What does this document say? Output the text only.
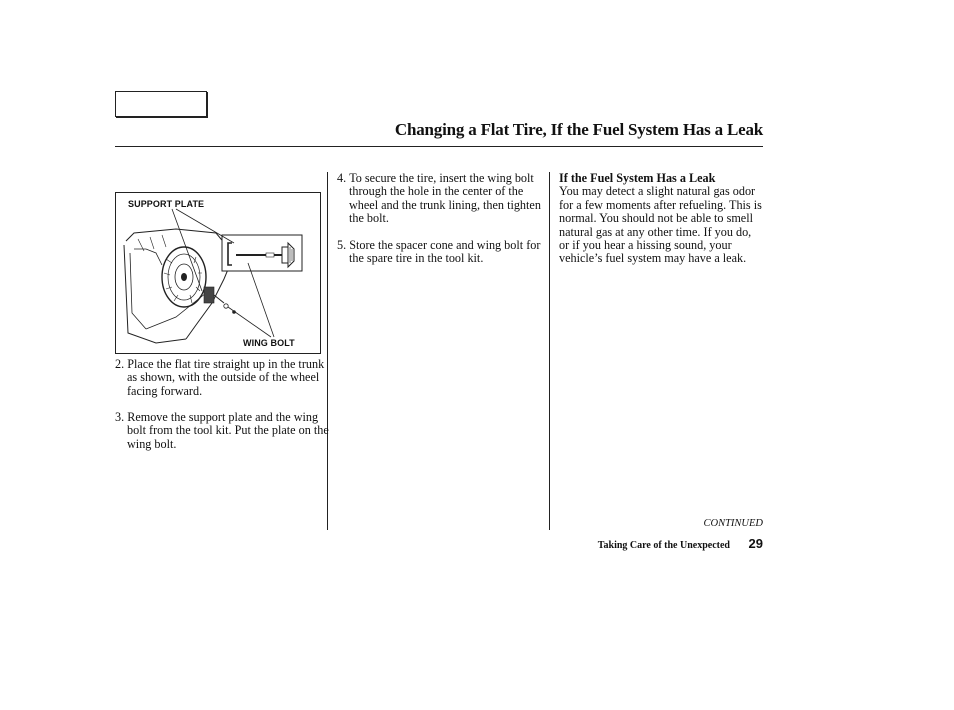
Changing a Flat Tire, If the Fuel System Has a Leak
SUPPORT PLATE
WING BOLT

2. Place the flat tire straight up in the trunk as shown, with the outside of the wheel facing forward.

3. Remove the support plate and the wing bolt from the tool kit. Put the plate on the wing bolt.

4. To secure the tire, insert the wing bolt through the hole in the center of the wheel and the trunk lining, then tighten the bolt.

5. Store the spacer cone and wing bolt for the spare tire in the tool kit.

If the Fuel System Has a Leak
You may detect a slight natural gas odor for a few moments after refueling. This is normal. You should not be able to smell natural gas at any other time. If you do, or if you hear a hissing sound, your vehicle’s fuel system may have a leak.
CONTINUED
Taking Care of the Unexpected 29
